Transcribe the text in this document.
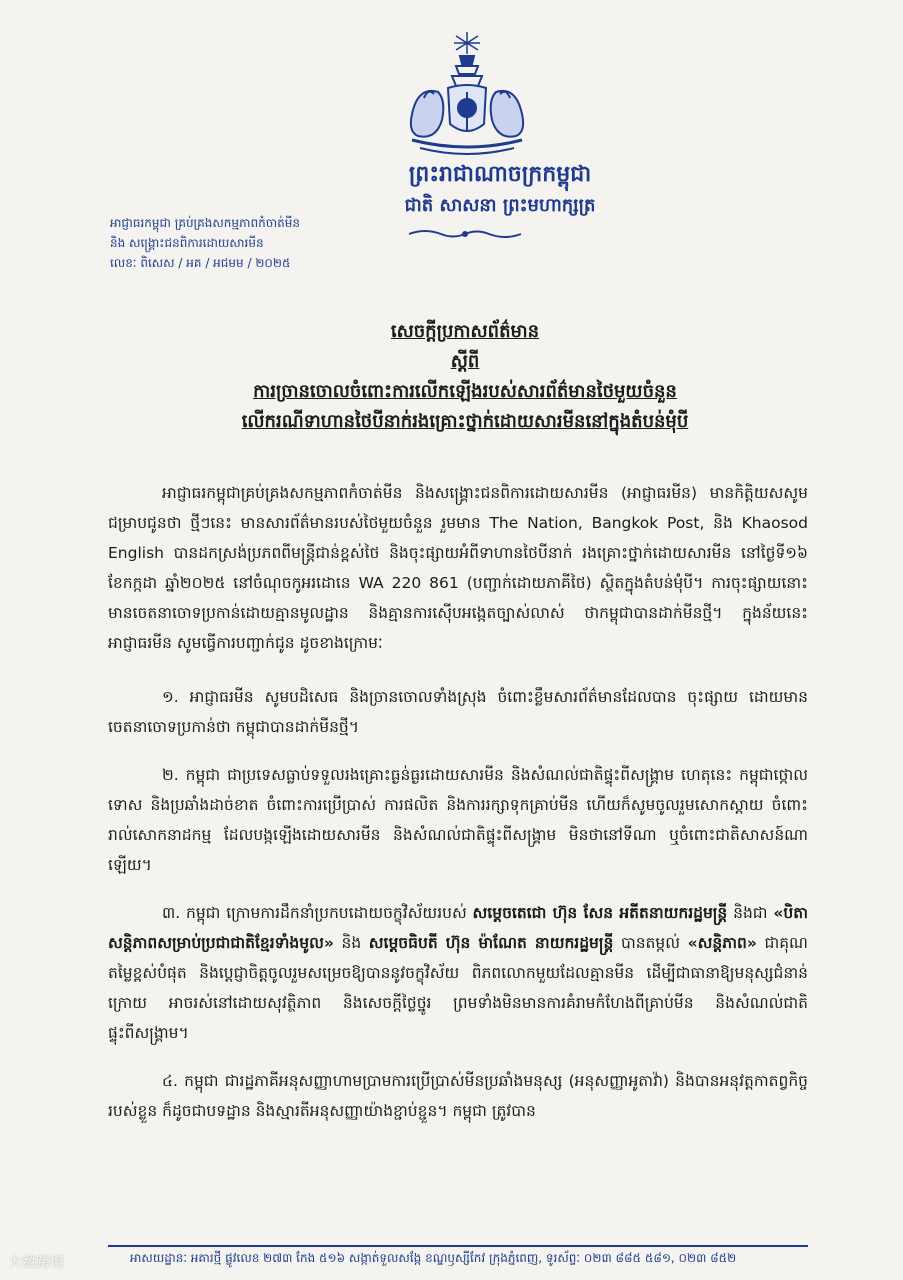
ព្រះរាជាណាចក្រកម្ពុជា
ជាតិ សាសនា ព្រះមហាក្សត្រ
អាជ្ញាធរកម្ពុជា គ្រប់គ្រងសកម្មភាពកំចាត់មីន
និង សង្គ្រោះជនពិការដោយសារមីន
លេខៈ ពិសេស / អគ / អជមម / ២០២៥
សេចក្តីប្រកាសព័ត៌មាន
ស្តីពី
ការច្រានចោលចំពោះការលើកឡើងរបស់សារព័ត៌មានថៃមួយចំនួន
លើករណីទាហានថៃបីនាក់រងគ្រោះថ្នាក់ដោយសារមីននៅក្នុងតំបន់មុំបី

អាជ្ញាធរកម្ពុជាគ្រប់គ្រងសកម្មភាពកំចាត់មីន និងសង្គ្រោះជនពិការដោយសារមីន (អាជ្ញាធរមីន) មានកិត្តិយសសូមជម្រាបជូនថា ថ្មីៗនេះ មានសារព័ត៌មានរបស់ថៃមួយចំនួន រួមមាន The Nation, Bangkok Post, និង Khaosod English បានដកស្រង់ប្រភពពីមន្ត្រីជាន់ខ្ពស់ថៃ និងចុះផ្សាយអំពីទាហានថៃបីនាក់ រងគ្រោះថ្នាក់ដោយសារមីន នៅថ្ងៃទី១៦ ខែកក្កដា ឆ្នាំ២០២៥ នៅចំណុចកូអរដោនេ WA 220 861 (បញ្ជាក់ដោយភាគីថៃ) ស្ថិតក្នុងតំបន់មុំបី។ ការចុះផ្សាយនោះ មានចេតនាចោទប្រកាន់ដោយគ្មានមូលដ្ឋាន និងគ្មានការស៊ើបអង្កេតច្បាស់លាស់ ថាកម្ពុជាបានដាក់មីនថ្មី។ ក្នុងន័យនេះ អាជ្ញាធរមីន សូមធ្វើការបញ្ជាក់ជូន ដូចខាងក្រោមៈ

១. អាជ្ញាធរមីន សូមបដិសេធ និងច្រានចោលទាំងស្រុង ចំពោះខ្លឹមសារព័ត៌មានដែលបាន ចុះផ្សាយ ដោយមានចេតនាចោទប្រកាន់ថា កម្ពុជាបានដាក់មីនថ្មី។

២. កម្ពុជា ជាប្រទេសធ្លាប់ទទួលរងគ្រោះធ្ងន់ធ្ងរដោយសារមីន និងសំណល់ជាតិផ្ទុះពីសង្គ្រាម ហេតុនេះ កម្ពុជាថ្កោលទោស និងប្រឆាំងដាច់ខាត ចំពោះការប្រើប្រាស់ ការផលិត និងការរក្សាទុកគ្រាប់មីន ហើយក៏សូមចូលរួមសោកស្តាយ ចំពោះរាល់សោកនាដកម្ម ដែលបង្កឡើងដោយសារមីន និងសំណល់ជាតិផ្ទុះពីសង្គ្រាម មិនថានៅទីណា ឬចំពោះជាតិសាសន៍ណាឡើយ។

៣. កម្ពុជា ក្រោមការដឹកនាំប្រកបដោយចក្ខុវិស័យរបស់ សម្តេចតេជោ ហ៊ុន សែន អតីតនាយករដ្ឋមន្ត្រី និងជា «បិតាសន្តិភាពសម្រាប់ប្រជាជាតិខ្មែរទាំងមូល» និង សម្តេចធិបតី ហ៊ុន ម៉ាណែត នាយករដ្ឋមន្ត្រី បានតម្កល់ «សន្តិភាព» ជាគុណតម្លៃខ្ពស់បំផុត និងប្តេជ្ញាចិត្តចូលរួមសម្រេចឱ្យបាននូវចក្ខុវិស័យ ពិភពលោកមួយដែលគ្មានមីន ដើម្បីជាធានាឱ្យមនុស្សជំនាន់ក្រោយ អាចរស់នៅដោយសុវត្ថិភាព និងសេចក្តីថ្លៃថ្នូរ ព្រមទាំងមិនមានការគំរាមកំហែងពីគ្រាប់មីន និងសំណល់ជាតិផ្ទុះពីសង្គ្រាម។

៤. កម្ពុជា ជារដ្ឋភាគីអនុសញ្ញាហាមប្រាមការប្រើប្រាស់មីនប្រឆាំងមនុស្ស (អនុសញ្ញាអូតាវ៉ា) និងបានអនុវត្តកាតព្វកិច្ចរបស់ខ្លួន ក៏ដូចជាបទដ្ឋាន និងស្មារតីអនុសញ្ញាយ៉ាងខ្ជាប់ខ្ជួន។ កម្ពុជា ត្រូវបាន

អាសយដ្ឋានៈ អគារថ្មី ផ្លូវលេខ ២៧៣ កែង ៥១៦ សង្កាត់ទួលសង្កែ ខណ្ឌឫស្សីកែវ ក្រុងភ្នំពេញ, ទូរស័ព្ទៈ ០២៣ ៨៨៥ ៥៨១, ០២៣ ៨៥២
大数跨境
